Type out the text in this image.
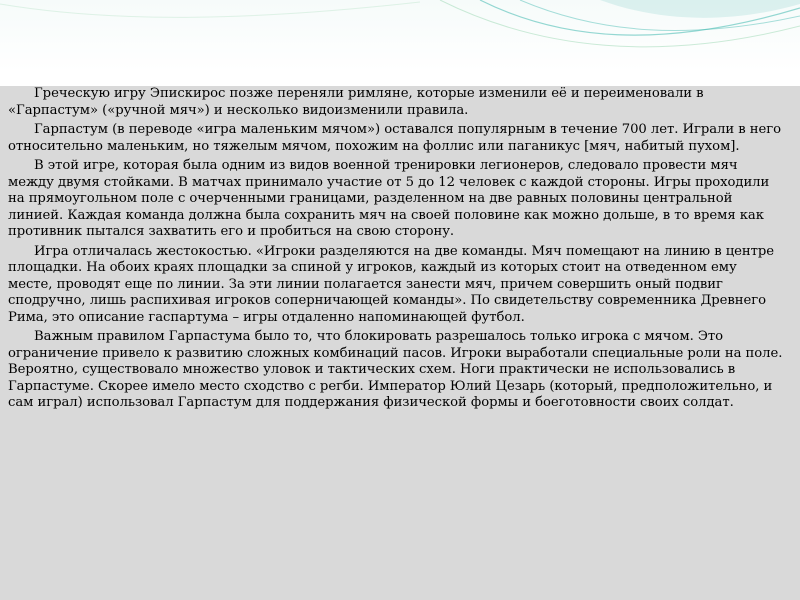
Греческую игру Эпискирос позже переняли римляне, которые изменили её и переименовали в «Гарпастум» («ручной мяч») и несколько видоизменили правила.

Гарпастум (в переводе «игра маленьким мячом») оставался популярным в течение 700 лет. Играли в него относительно маленьким, но тяжелым мячом, похожим на фоллис или паганикус [мяч, набитый пухом].

В этой игре, которая была одним из видов военной тренировки легионеров, следовало провести мяч между двумя стойками. В матчах принимало участие от 5 до 12 человек с каждой стороны. Игры проходили на прямоугольном поле с очерченными границами, разделенном на две равных половины центральной линией. Каждая команда должна была сохранить мяч на своей половине как можно дольше, в то время как противник пытался захватить его и пробиться на свою сторону.

Игра отличалась жестокостью. «Игроки разделяются на две команды. Мяч помещают на линию в центре площадки. На обоих краях площадки за спиной у игроков, каждый из которых стоит на отведенном ему месте, проводят еще по линии. За эти линии полагается занести мяч, причем совершить оный подвиг сподручно, лишь распихивая игроков соперничающей команды». По свидетельству современника Древнего Рима, это описание гаспартума – игры отдаленно напоминающей футбол.

Важным правилом Гарпастума было то, что блокировать разрешалось только игрока с мячом. Это ограничение привело к развитию сложных комбинаций пасов. Игроки выработали специальные роли на поле. Вероятно, существовало множество уловок и тактических схем. Ноги практически не использовались в Гарпастуме. Скорее имело место сходство с регби. Император Юлий Цезарь (который, предположительно, и сам играл) использовал Гарпастум для поддержания физической формы и боеготовности своих солдат.
